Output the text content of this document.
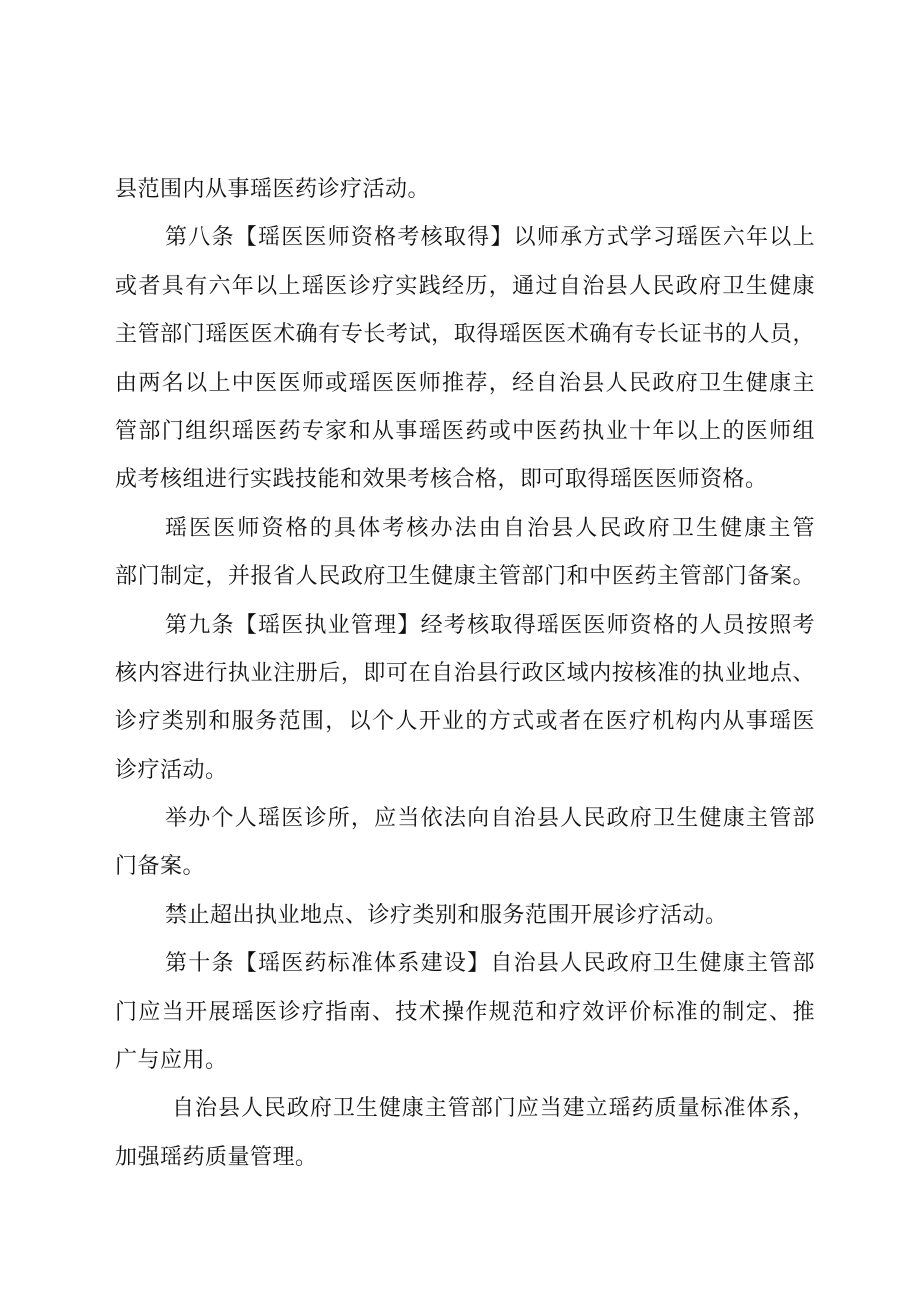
县范围内从事瑶医药诊疗活动。
第八条【瑶医医师资格考核取得】以师承方式学习瑶医六年以上
或者具有六年以上瑶医诊疗实践经历，通过自治县人民政府卫生健康
主管部门瑶医医术确有专长考试，取得瑶医医术确有专长证书的人员，
由两名以上中医医师或瑶医医师推荐，经自治县人民政府卫生健康主
管部门组织瑶医药专家和从事瑶医药或中医药执业十年以上的医师组
成考核组进行实践技能和效果考核合格，即可取得瑶医医师资格。
瑶医医师资格的具体考核办法由自治县人民政府卫生健康主管
部门制定，并报省人民政府卫生健康主管部门和中医药主管部门备案。
第九条【瑶医执业管理】经考核取得瑶医医师资格的人员按照考
核内容进行执业注册后，即可在自治县行政区域内按核准的执业地点、
诊疗类别和服务范围，以个人开业的方式或者在医疗机构内从事瑶医
诊疗活动。
举办个人瑶医诊所，应当依法向自治县人民政府卫生健康主管部
门备案。
禁止超出执业地点、诊疗类别和服务范围开展诊疗活动。
第十条【瑶医药标准体系建设】自治县人民政府卫生健康主管部
门应当开展瑶医诊疗指南、技术操作规范和疗效评价标准的制定、推
广与应用。
自治县人民政府卫生健康主管部门应当建立瑶药质量标准体系，
加强瑶药质量管理。
